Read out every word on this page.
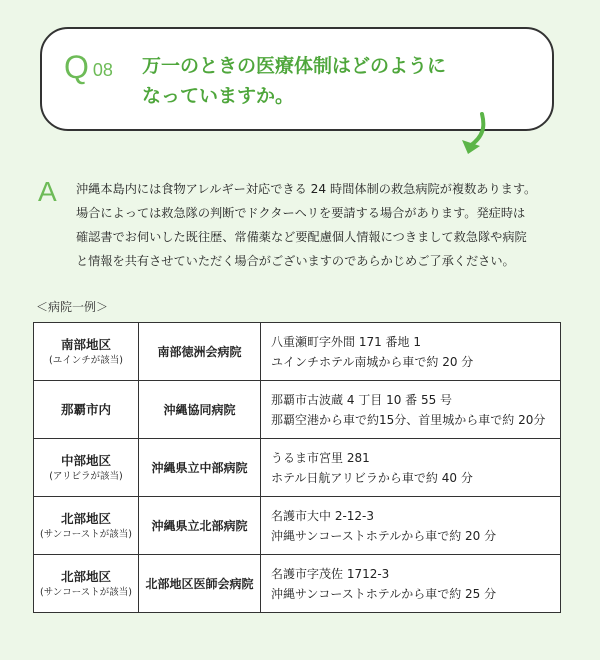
Q 08 万一のときの医療体制はどのように
なっていますか。
A 沖縄本島内には食物アレルギー対応できる 24 時間体制の救急病院が複数あります。
場合によっては救急隊の判断でドクターヘリを要請する場合があります。発症時は
確認書でお伺いした既往歴、常備薬など要配慮個人情報につきまして救急隊や病院
と情報を共有させていただく場合がございますのであらかじめご了承ください。
＜病院一例＞
南部地区
(ユインチが該当)	南部徳洲会病院	八重瀬町字外間 171 番地 1
ユインチホテル南城から車で約 20 分

那覇市内	沖縄協同病院	那覇市古波蔵 4 丁目 10 番 55 号
那覇空港から車で約15分、首里城から車で約 20分

中部地区
(アリビラが該当)	沖縄県立中部病院	うるま市宮里 281
ホテル日航アリビラから車で約 40 分

北部地区
(サンコーストが該当)	沖縄県立北部病院	名護市大中 2-12-3
沖縄サンコーストホテルから車で約 20 分

北部地区
(サンコーストが該当)	北部地区医師会病院	名護市字茂佐 1712-3
沖縄サンコーストホテルから車で約 25 分
